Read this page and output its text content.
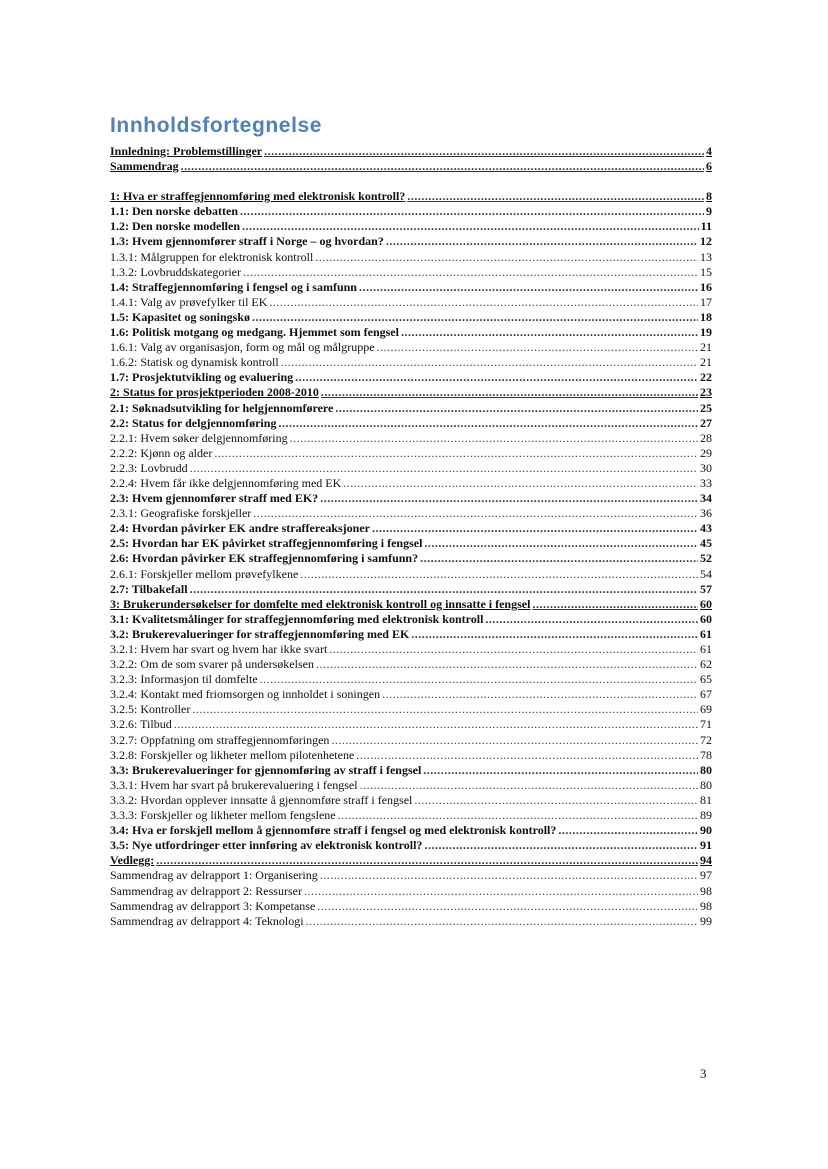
Innholdsfortegnelse
Innledning: Problemstillinger .....	4
Sammendrag .....	6
1: Hva er straffegjennomføring med elektronisk kontroll? .....	8
1.1: Den norske debatten .....	9
1.2: Den norske modellen .....	11
1.3: Hvem gjennomfører straff i Norge – og hvordan? .....	12
1.3.1: Målgruppen for elektronisk kontroll .....	13
1.3.2: Lovbruddskategorier .....	15
1.4: Straffegjennomføring i fengsel og i samfunn .....	16
1.4.1: Valg av prøvefylker til EK .....	17
1.5: Kapasitet og soningskø .....	18
1.6: Politisk motgang og medgang. Hjemmet som fengsel .....	19
1.6.1: Valg av organisasjon, form og mål og målgruppe .....	21
1.6.2: Statisk og dynamisk kontroll .....	21
1.7: Prosjektutvikling og evaluering .....	22
2: Status for prosjektperioden 2008-2010 .....	23
2.1: Søknadsutvikling for helgjennomførere .....	25
2.2: Status for delgjennomføring .....	27
2.2.1: Hvem søker delgjennomføring .....	28
2.2.2: Kjønn og alder .....	29
2.2.3: Lovbrudd .....	30
2.2.4: Hvem får ikke delgjennomføring med EK .....	33
2.3: Hvem gjennomfører straff med EK? .....	34
2.3.1: Geografiske forskjeller .....	36
2.4: Hvordan påvirker EK andre straffereaksjoner .....	43
2.5: Hvordan har EK påvirket straffegjennomføring i fengsel .....	45
2.6: Hvordan påvirker EK straffegjennomføring i samfunn? .....	52
2.6.1: Forskjeller mellom prøvefylkene .....	54
2.7: Tilbakefall .....	57
3: Brukerundersøkelser for domfelte med elektronisk kontroll og innsatte i fengsel .....	60
3.1: Kvalitetsmålinger for straffegjennomføring med elektronisk kontroll .....	60
3.2: Brukerevalueringer for straffegjennomføring med EK .....	61
3.2.1: Hvem har svart og hvem har ikke svart .....	61
3.2.2: Om de som svarer på undersøkelsen .....	62
3.2.3: Informasjon til domfelte .....	65
3.2.4: Kontakt med friomsorgen og innholdet i soningen .....	67
3.2.5: Kontroller .....	69
3.2.6: Tilbud .....	71
3.2.7: Oppfatning om straffegjennomføringen .....	72
3.2.8: Forskjeller og likheter mellom pilotenhetene .....	78
3.3: Brukerevalueringer for gjennomføring av straff i fengsel .....	80
3.3.1: Hvem har svart på brukerevaluering i fengsel .....	80
3.3.2: Hvordan opplever innsatte å gjennomføre straff i fengsel .....	81
3.3.3: Forskjeller og likheter mellom fengslene .....	89
3.4: Hva er forskjell mellom å gjennomføre straff i fengsel og med elektronisk kontroll? .....	90
3.5: Nye utfordringer etter innføring av elektronisk kontroll? .....	91
Vedlegg: .....	94
Sammendrag av delrapport 1: Organisering .....	97
Sammendrag av delrapport 2: Ressurser .....	98
Sammendrag av delrapport 3: Kompetanse .....	98
Sammendrag av delrapport 4: Teknologi .....	99
3
